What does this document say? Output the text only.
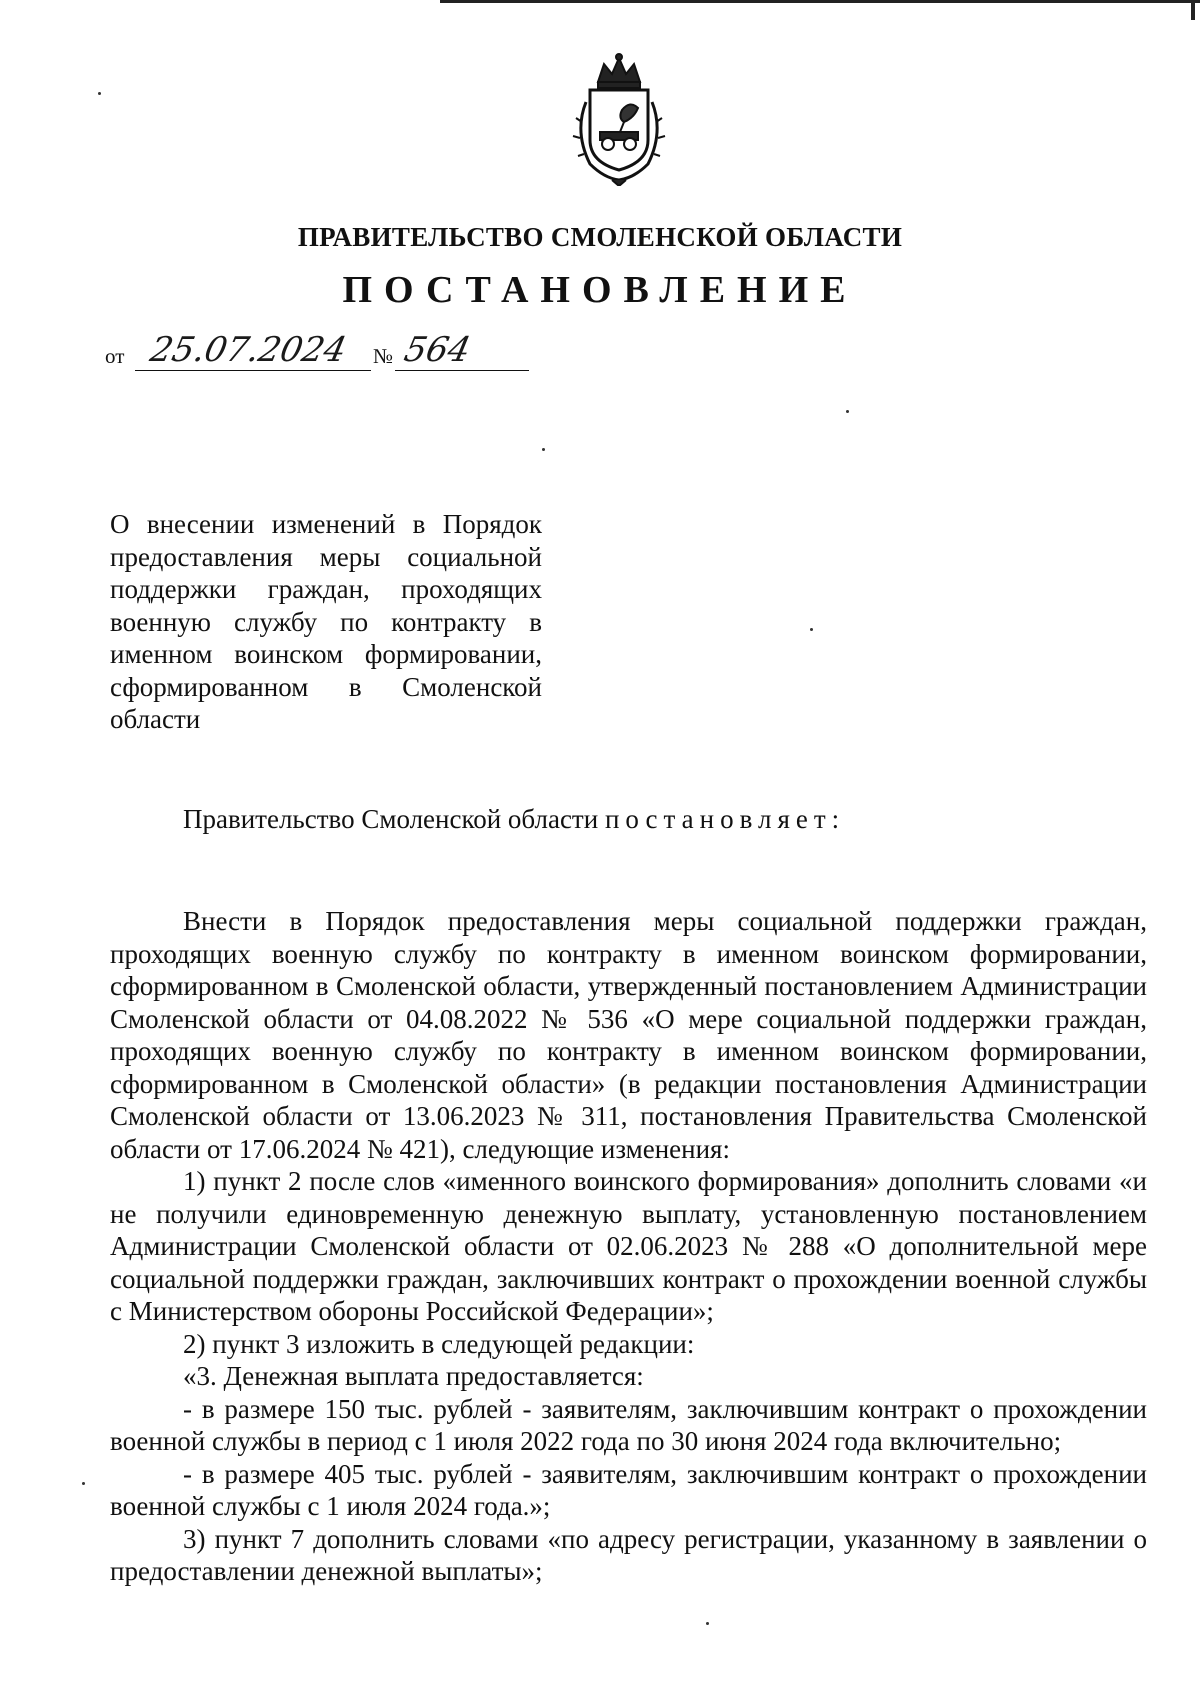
ПРАВИТЕЛЬСТВО СМОЛЕНСКОЙ ОБЛАСТИ
ПОСТАНОВЛЕНИЕ
от 25.07.2024 № 564
О внесении изменений в Порядок
предоставления меры социальной
поддержки граждан, проходящих
военную службу по контракту в
именном воинском формировании,
сформированном в Смоленской
области
Правительство Смоленской области постановляет:

Внести в Порядок предоставления меры социальной поддержки граждан, проходящих военную службу по контракту в именном воинском формировании, сформированном в Смоленской области, утвержденный постановлением Администрации Смоленской области от 04.08.2022 № 536 «О мере социальной поддержки граждан, проходящих военную службу по контракту в именном воинском формировании, сформированном в Смоленской области» (в редакции постановления Администрации Смоленской области от 13.06.2023 № 311, постановления Правительства Смоленской области от 17.06.2024 № 421), следующие изменения:

1) пункт 2 после слов «именного воинского формирования» дополнить словами «и не получили единовременную денежную выплату, установленную постановлением Администрации Смоленской области от 02.06.2023 № 288 «О дополнительной мере социальной поддержки граждан, заключивших контракт о прохождении военной службы с Министерством обороны Российской Федерации»;

2) пункт 3 изложить в следующей редакции:

«3. Денежная выплата предоставляется:

- в размере 150 тыс. рублей - заявителям, заключившим контракт о прохождении военной службы в период с 1 июля 2022 года по 30 июня 2024 года включительно;

- в размере 405 тыс. рублей - заявителям, заключившим контракт о прохождении военной службы с 1 июля 2024 года.»;

3) пункт 7 дополнить словами «по адресу регистрации, указанному в заявлении о предоставлении денежной выплаты»;
